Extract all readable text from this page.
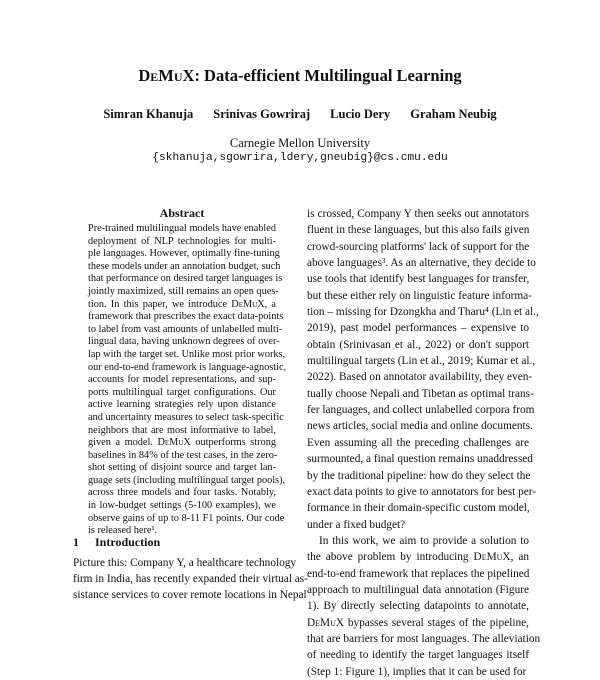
DeMuX: Data-efficient Multilingual Learning
Simran Khanuja Srinivas Gowriraj Lucio Dery Graham Neubig
Carnegie Mellon University
{skhanuja,sgowrira,ldery,gneubig}@cs.cmu.edu
Abstract
Pre-trained multilingual models have enabled
deployment of NLP technologies for multi-
ple languages. However, optimally fine-tuning
these models under an annotation budget, such
that performance on desired target languages is
jointly maximized, still remains an open ques-
tion. In this paper, we introduce DeMuX, a
framework that prescribes the exact data-points
to label from vast amounts of unlabelled multi-
lingual data, having unknown degrees of over-
lap with the target set. Unlike most prior works,
our end-to-end framework is language-agnostic,
accounts for model representations, and sup-
ports multilingual target configurations. Our
active learning strategies rely upon distance
and uncertainty measures to select task-specific
neighbors that are most informative to label,
given a model. DeMuX outperforms strong
baselines in 84% of the test cases, in the zero-
shot setting of disjoint source and target lan-
guage sets (including multilingual target pools),
across three models and four tasks. Notably,
in low-budget settings (5-100 examples), we
observe gains of up to 8-11 F1 points. Our code
is released here¹.
1 Introduction
Picture this: Company Y, a healthcare technology
firm in India, has recently expanded their virtual as-
sistance services to cover remote locations in Nepal
is crossed, Company Y then seeks out annotators
fluent in these languages, but this also fails given
crowd-sourcing platforms' lack of support for the
above languages³. As an alternative, they decide to
use tools that identify best languages for transfer,
but these either rely on linguistic feature informa-
tion – missing for Dzongkha and Tharu⁴ (Lin et al.,
2019), past model performances – expensive to
obtain (Srinivasan et al., 2022) or don't support
multilingual targets (Lin et al., 2019; Kumar et al.,
2022). Based on annotator availability, they even-
tually choose Nepali and Tibetan as optimal trans-
fer languages, and collect unlabelled corpora from
news articles, social media and online documents.
Even assuming all the preceding challenges are
surmounted, a final question remains unaddressed
by the traditional pipeline: how do they select the
exact data points to give to annotators for best per-
formance in their domain-specific custom model,
under a fixed budget?
In this work, we aim to provide a solution to
the above problem by introducing DeMuX, an
end-to-end framework that replaces the pipelined
approach to multilingual data annotation (Figure
1). By directly selecting datapoints to annotate,
DeMuX bypasses several stages of the pipeline,
that are barriers for most languages. The alleviation
of needing to identify the target languages itself
(Step 1: Figure 1), implies that it can be used for
